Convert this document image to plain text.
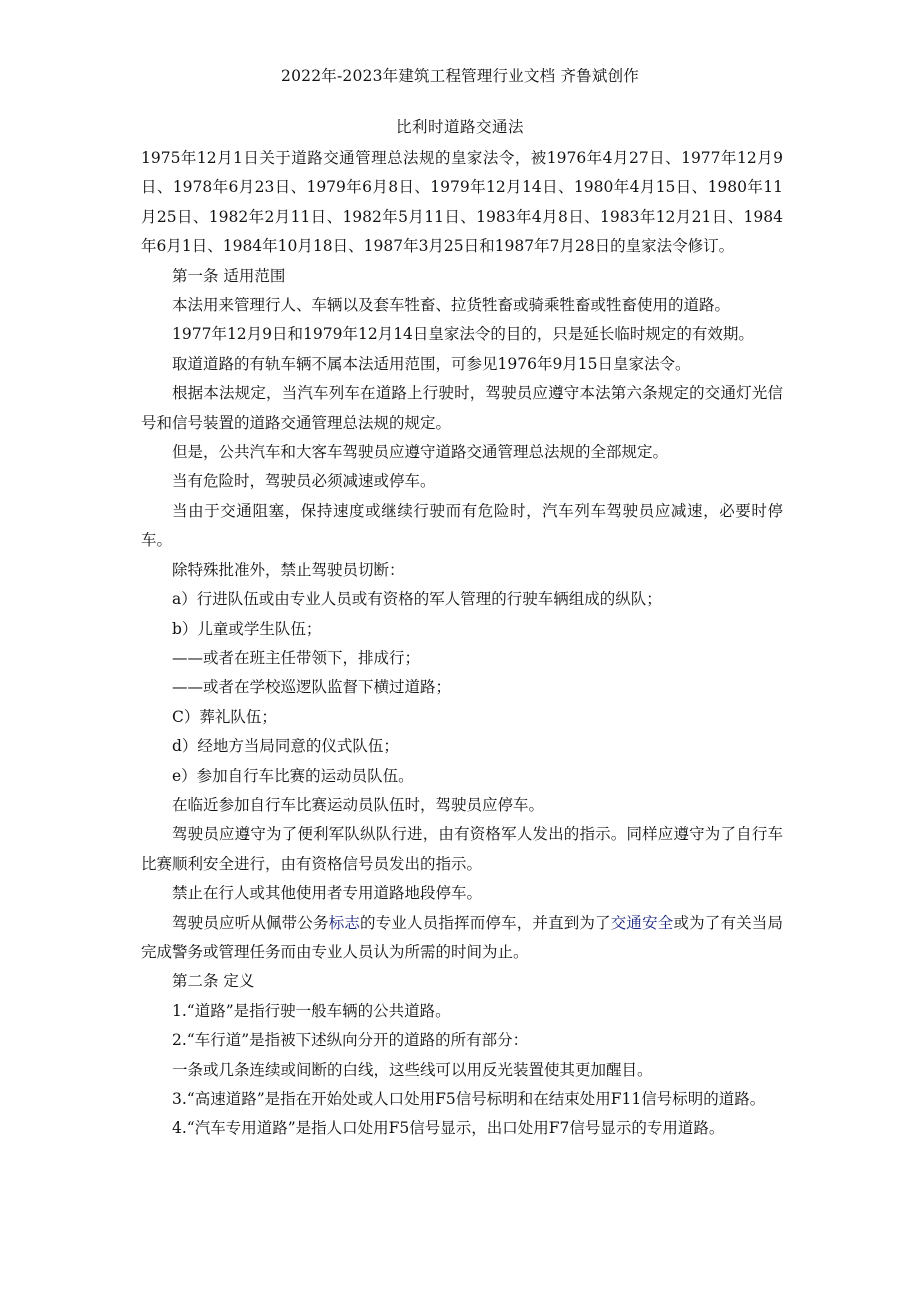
2022年-2023年建筑工程管理行业文档 齐鲁斌创作
比利时道路交通法

1975年12月1日关于道路交通管理总法规的皇家法令，被1976年4月27日、1977年12月9日、1978年6月23日、1979年6月8日、1979年12月14日、1980年4月15日、1980年11月25日、1982年2月11日、1982年5月11日、1983年4月8日、1983年12月21日、1984年6月1日、1984年10月18日、1987年3月25日和1987年7月28日的皇家法令修订。

第一条 适用范围

本法用来管理行人、车辆以及套车牲畜、拉货牲畜或骑乘牲畜或牲畜使用的道路。

1977年12月9日和1979年12月14日皇家法令的目的，只是延长临时规定的有效期。

取道道路的有轨车辆不属本法适用范围，可参见1976年9月15日皇家法令。

根据本法规定，当汽车列车在道路上行驶时，驾驶员应遵守本法第六条规定的交通灯光信号和信号装置的道路交通管理总法规的规定。

但是，公共汽车和大客车驾驶员应遵守道路交通管理总法规的全部规定。

当有危险时，驾驶员必须减速或停车。

当由于交通阻塞，保持速度或继续行驶而有危险时，汽车列车驾驶员应减速，必要时停车。

除特殊批准外，禁止驾驶员切断：

a）行进队伍或由专业人员或有资格的军人管理的行驶车辆组成的纵队；

b）儿童或学生队伍；

——或者在班主任带领下，排成行；

——或者在学校巡逻队监督下横过道路；

C）葬礼队伍；

d）经地方当局同意的仪式队伍；

e）参加自行车比赛的运动员队伍。

在临近参加自行车比赛运动员队伍时，驾驶员应停车。

驾驶员应遵守为了便利军队纵队行进，由有资格军人发出的指示。同样应遵守为了自行车比赛顺利安全进行，由有资格信号员发出的指示。

禁止在行人或其他使用者专用道路地段停车。

驾驶员应听从佩带公务标志的专业人员指挥而停车，并直到为了交通安全或为了有关当局完成警务或管理任务而由专业人员认为所需的时间为止。

第二条 定义

1.“道路”是指行驶一般车辆的公共道路。

2.“车行道”是指被下述纵向分开的道路的所有部分：

一条或几条连续或间断的白线，这些线可以用反光装置使其更加醒目。

3.“高速道路”是指在开始处或人口处用F5信号标明和在结束处用F11信号标明的道路。

4.“汽车专用道路”是指人口处用F5信号显示，出口处用F7信号显示的专用道路。
